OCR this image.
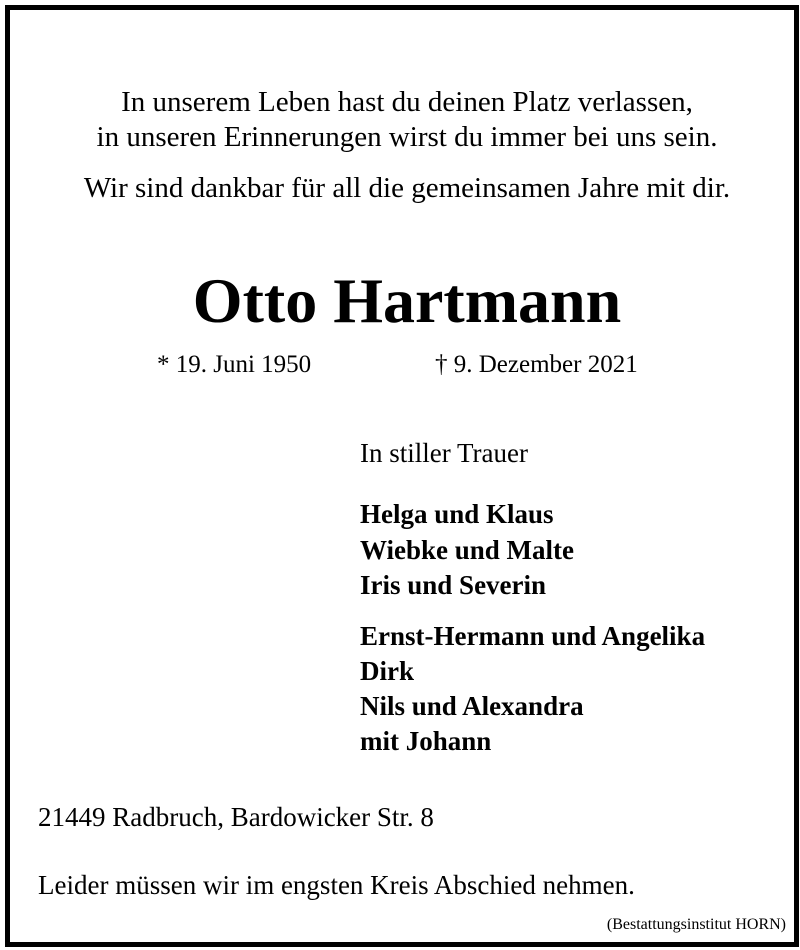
In unserem Leben hast du deinen Platz verlassen,
in unseren Erinnerungen wirst du immer bei uns sein.
Wir sind dankbar für all die gemeinsamen Jahre mit dir.
Otto Hartmann
* 19. Juni 1950	† 9. Dezember 2021
In stiller Trauer
Helga und Klaus
Wiebke und Malte
Iris und Severin
Ernst-Hermann und Angelika
Dirk
Nils und Alexandra
mit Johann
21449 Radbruch, Bardowicker Str. 8
Leider müssen wir im engsten Kreis Abschied nehmen.
(Bestattungsinstitut HORN)
